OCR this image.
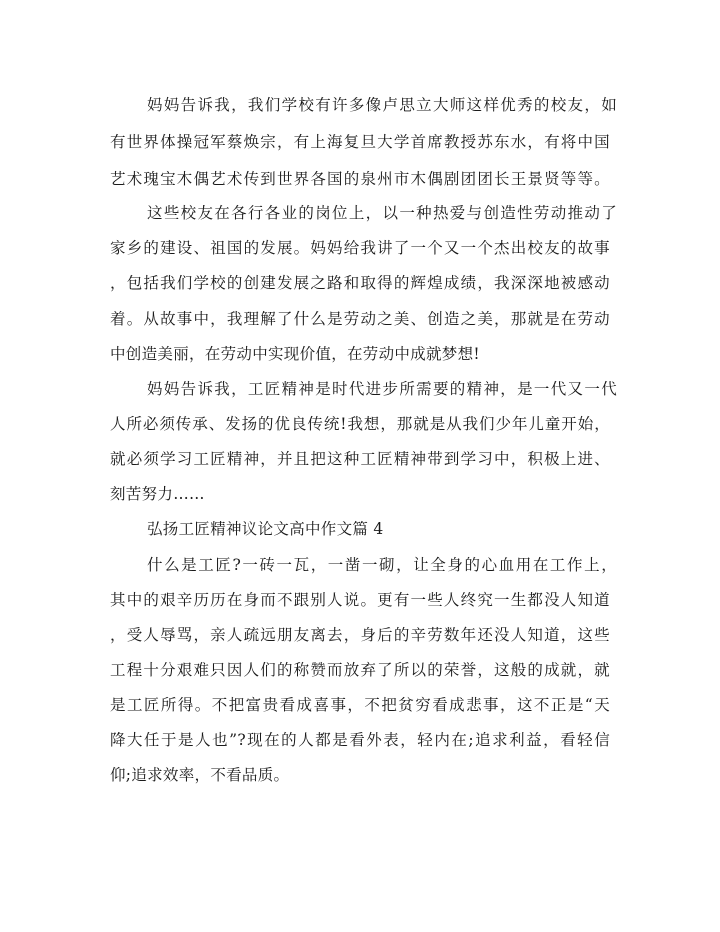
妈妈告诉我，我们学校有许多像卢思立大师这样优秀的校友，如
有世界体操冠军蔡焕宗，有上海复旦大学首席教授苏东水，有将中国
艺术瑰宝木偶艺术传到世界各国的泉州市木偶剧团团长王景贤等等。
这些校友在各行各业的岗位上，以一种热爱与创造性劳动推动了
家乡的建设、祖国的发展。妈妈给我讲了一个又一个杰出校友的故事
，包括我们学校的创建发展之路和取得的辉煌成绩，我深深地被感动
着。从故事中，我理解了什么是劳动之美、创造之美，那就是在劳动
中创造美丽，在劳动中实现价值，在劳动中成就梦想!
妈妈告诉我，工匠精神是时代进步所需要的精神，是一代又一代
人所必须传承、发扬的优良传统!我想，那就是从我们少年儿童开始，
就必须学习工匠精神，并且把这种工匠精神带到学习中，积极上进、
刻苦努力……
弘扬工匠精神议论文高中作文篇 4
什么是工匠?一砖一瓦，一凿一砌，让全身的心血用在工作上，
其中的艰辛历历在身而不跟别人说。更有一些人终究一生都没人知道
，受人辱骂，亲人疏远朋友离去，身后的辛劳数年还没人知道，这些
工程十分艰难只因人们的称赞而放弃了所以的荣誉，这般的成就，就
是工匠所得。不把富贵看成喜事，不把贫穷看成悲事，这不正是“天
降大任于是人也”?现在的人都是看外表，轻内在;追求利益，看轻信
仰;追求效率，不看品质。
